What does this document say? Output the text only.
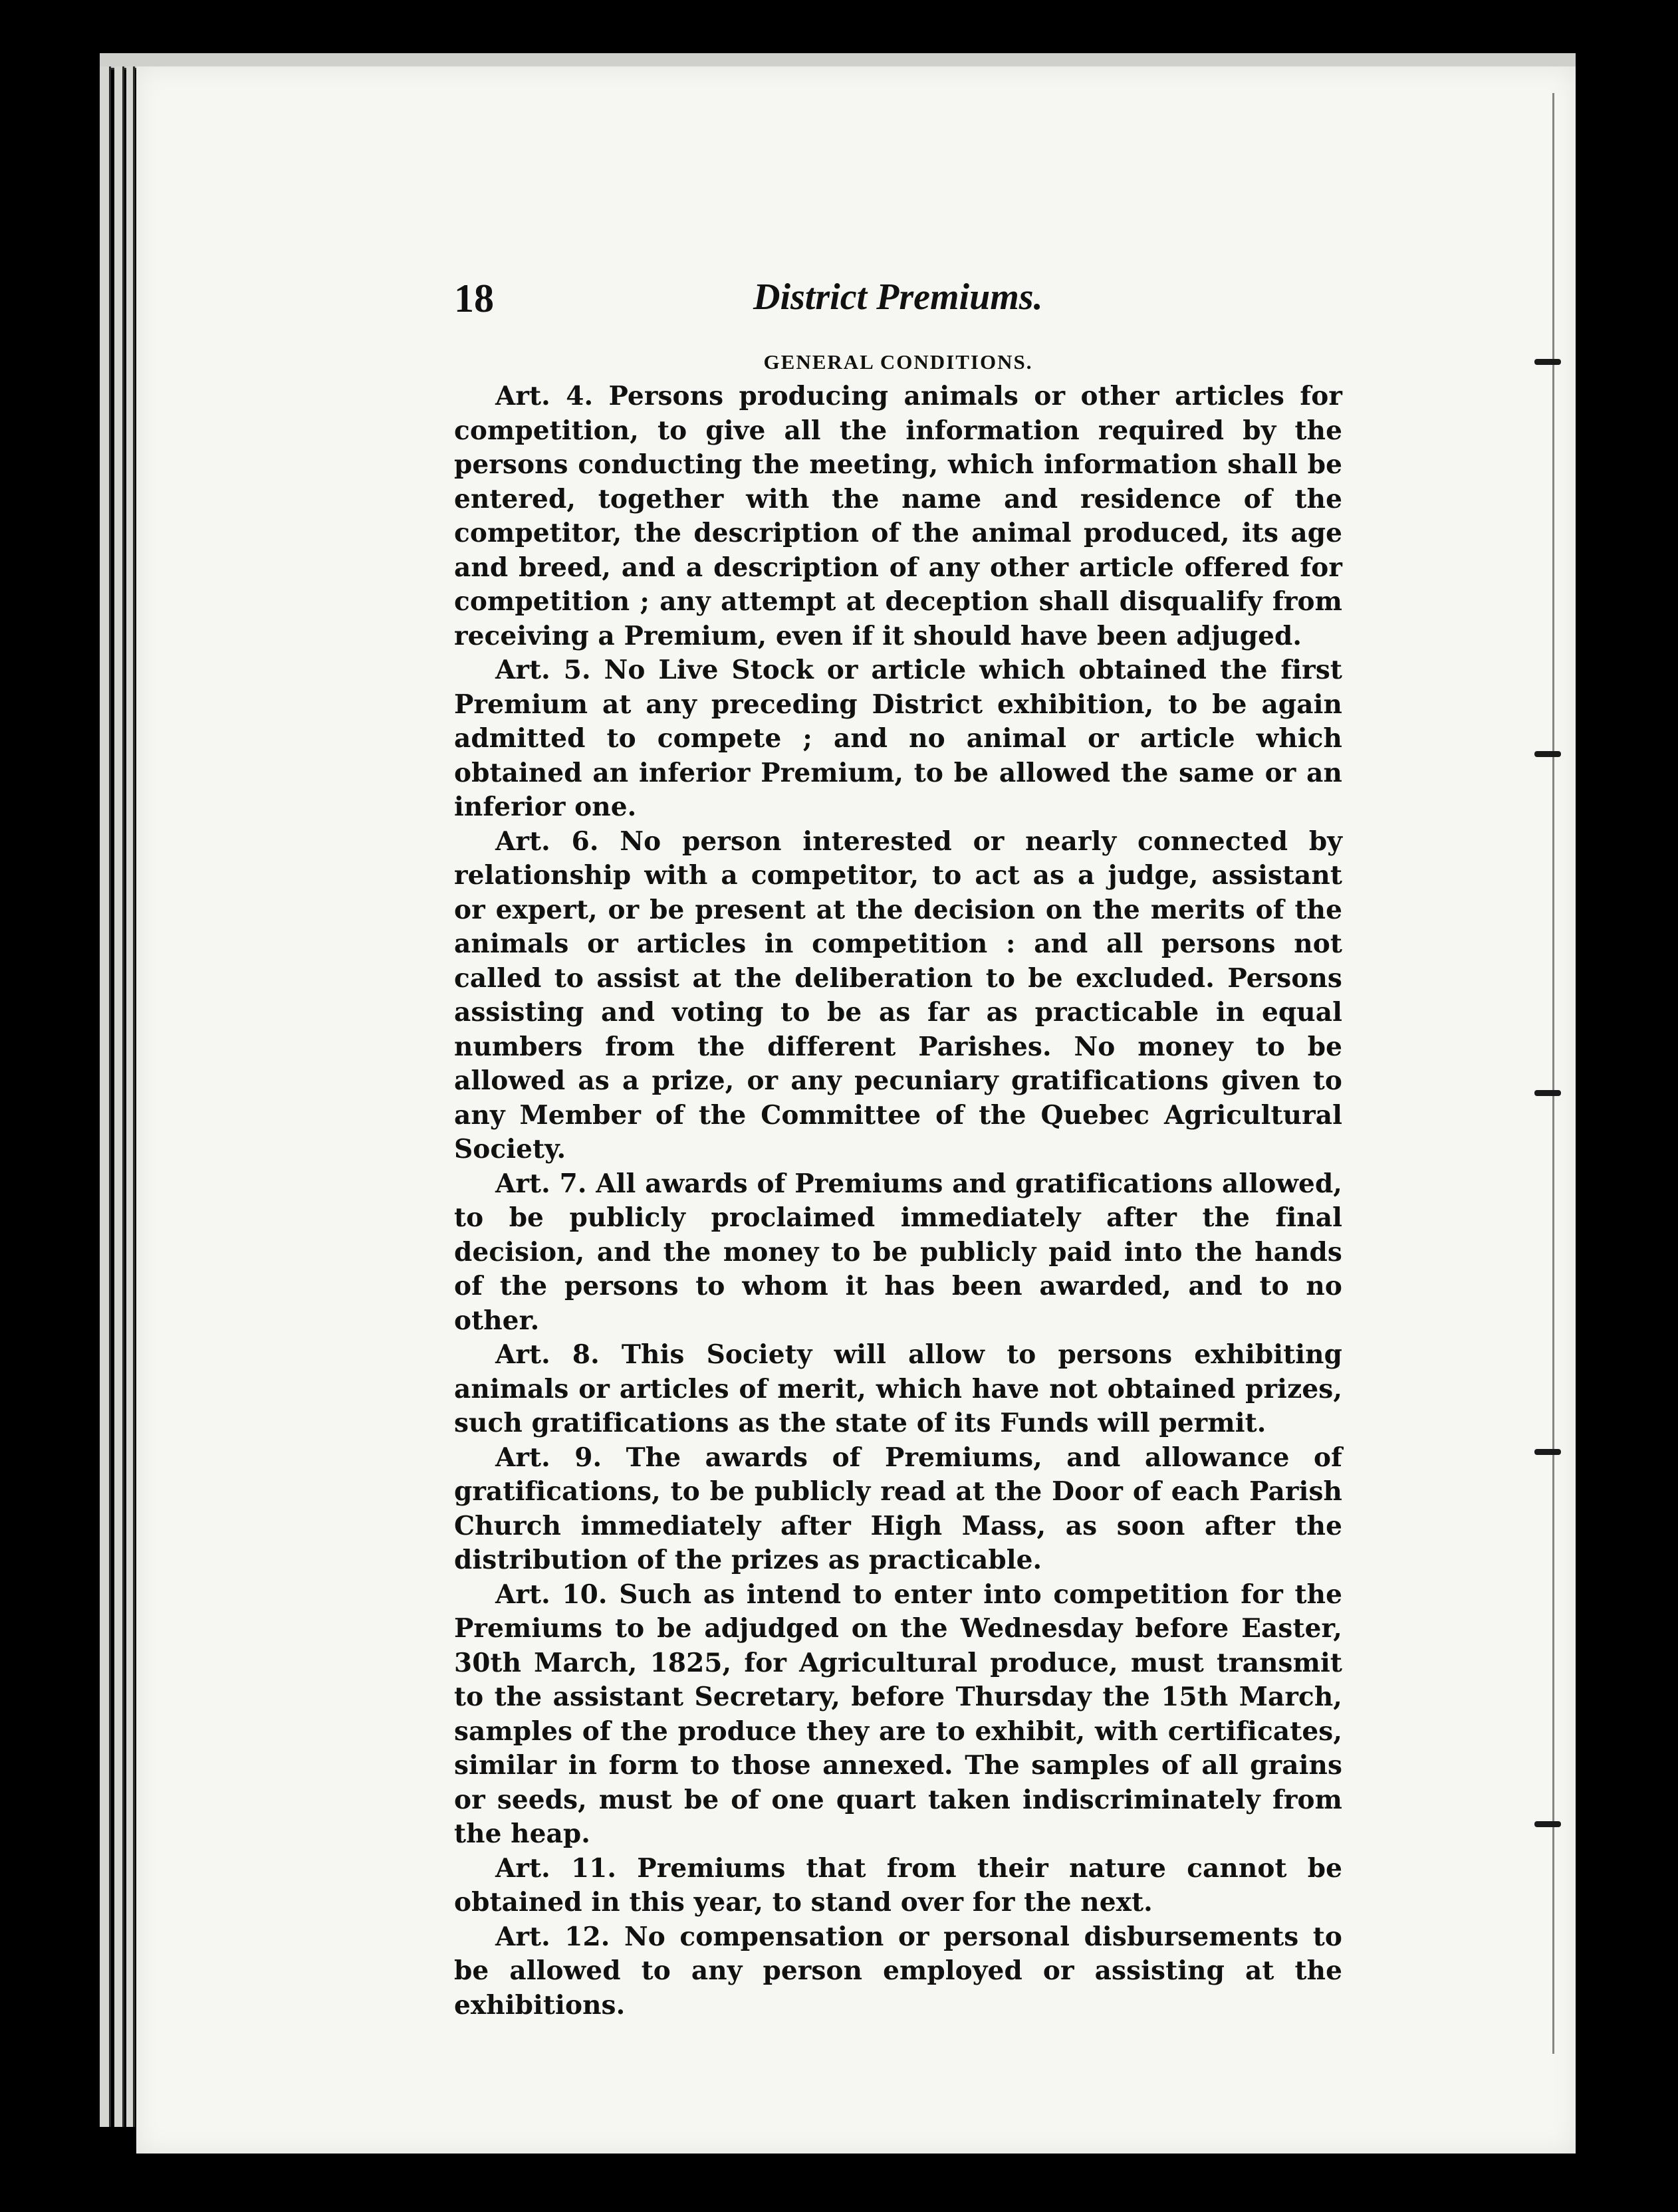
18	District Premiums.
GENERAL CONDITIONS.

Art. 4. Persons producing animals or other articles for competition, to give all the information required by the persons conducting the meeting, which information shall be entered, together with the name and residence of the competitor, the description of the animal produced, its age and breed, and a description of any other article offered for competition ; any attempt at deception shall disqualify from receiving a Premium, even if it should have been adjuged.

Art. 5. No Live Stock or article which obtained the first Premium at any preceding District exhibition, to be again admitted to compete ; and no animal or article which obtained an inferior Premium, to be allowed the same or an inferior one.

Art. 6. No person interested or nearly connected by relationship with a competitor, to act as a judge, assistant or expert, or be present at the decision on the merits of the animals or articles in competition : and all persons not called to assist at the deliberation to be excluded. Persons assisting and voting to be as far as practicable in equal numbers from the different Parishes. No money to be allowed as a prize, or any pecuniary gratifications given to any Member of the Committee of the Quebec Agricultural Society.

Art. 7. All awards of Premiums and gratifications allowed, to be publicly proclaimed immediately after the final decision, and the money to be publicly paid into the hands of the persons to whom it has been awarded, and to no other.

Art. 8. This Society will allow to persons exhibiting animals or articles of merit, which have not obtained prizes, such gratifications as the state of its Funds will permit.

Art. 9. The awards of Premiums, and allowance of gratifications, to be publicly read at the Door of each Parish Church immediately after High Mass, as soon after the distribution of the prizes as practicable.

Art. 10. Such as intend to enter into competition for the Premiums to be adjudged on the Wednesday before Easter, 30th March, 1825, for Agricultural produce, must transmit to the assistant Secretary, before Thursday the 15th March, samples of the produce they are to exhibit, with certificates, similar in form to those annexed. The samples of all grains or seeds, must be of one quart taken indiscriminately from the heap.

Art. 11. Premiums that from their nature cannot be obtained in this year, to stand over for the next.

Art. 12. No compensation or personal disbursements to be allowed to any person employed or assisting at the exhibitions.
